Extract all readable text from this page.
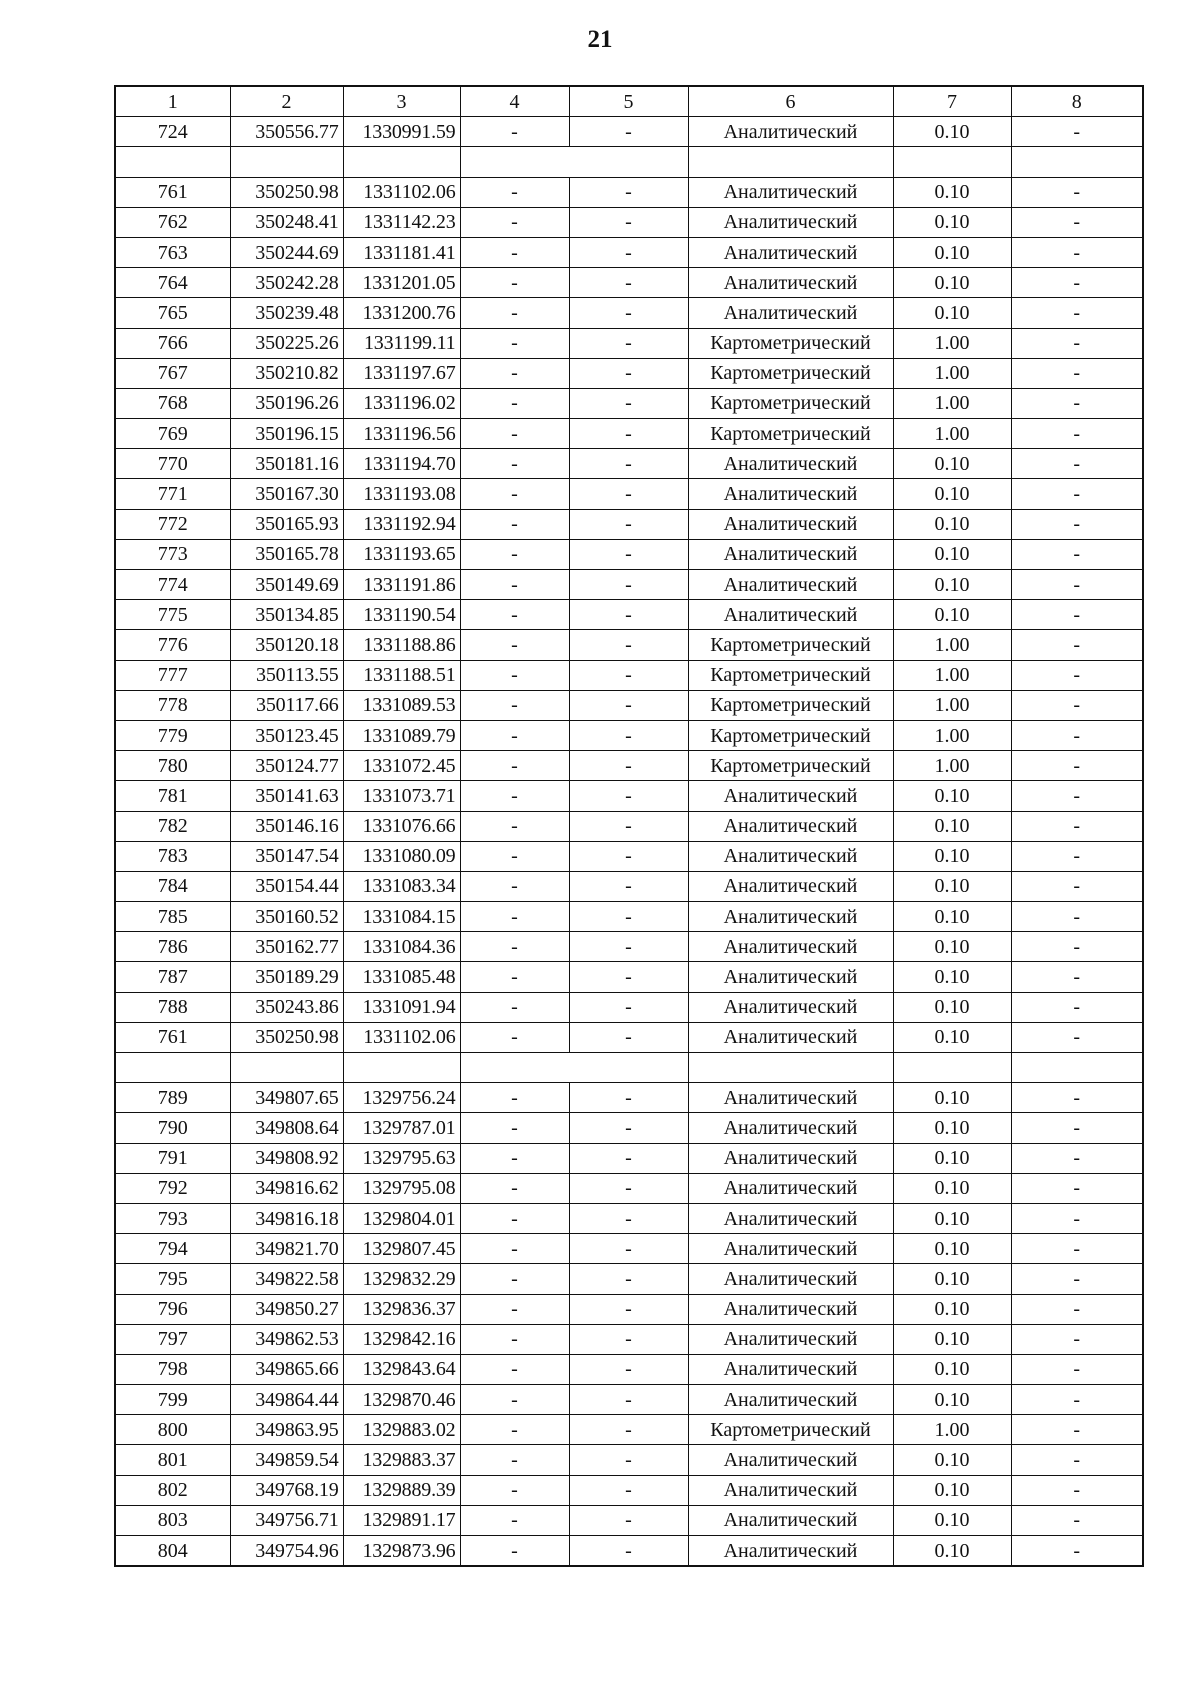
21
1	2	3	4	5	6	7	8
724	350556.77	1330991.59	-	-	Аналитический	0.10	-

761	350250.98	1331102.06	-	-	Аналитический	0.10	-
762	350248.41	1331142.23	-	-	Аналитический	0.10	-
763	350244.69	1331181.41	-	-	Аналитический	0.10	-
764	350242.28	1331201.05	-	-	Аналитический	0.10	-
765	350239.48	1331200.76	-	-	Аналитический	0.10	-
766	350225.26	1331199.11	-	-	Картометрический	1.00	-
767	350210.82	1331197.67	-	-	Картометрический	1.00	-
768	350196.26	1331196.02	-	-	Картометрический	1.00	-
769	350196.15	1331196.56	-	-	Картометрический	1.00	-
770	350181.16	1331194.70	-	-	Аналитический	0.10	-
771	350167.30	1331193.08	-	-	Аналитический	0.10	-
772	350165.93	1331192.94	-	-	Аналитический	0.10	-
773	350165.78	1331193.65	-	-	Аналитический	0.10	-
774	350149.69	1331191.86	-	-	Аналитический	0.10	-
775	350134.85	1331190.54	-	-	Аналитический	0.10	-
776	350120.18	1331188.86	-	-	Картометрический	1.00	-
777	350113.55	1331188.51	-	-	Картометрический	1.00	-
778	350117.66	1331089.53	-	-	Картометрический	1.00	-
779	350123.45	1331089.79	-	-	Картометрический	1.00	-
780	350124.77	1331072.45	-	-	Картометрический	1.00	-
781	350141.63	1331073.71	-	-	Аналитический	0.10	-
782	350146.16	1331076.66	-	-	Аналитический	0.10	-
783	350147.54	1331080.09	-	-	Аналитический	0.10	-
784	350154.44	1331083.34	-	-	Аналитический	0.10	-
785	350160.52	1331084.15	-	-	Аналитический	0.10	-
786	350162.77	1331084.36	-	-	Аналитический	0.10	-
787	350189.29	1331085.48	-	-	Аналитический	0.10	-
788	350243.86	1331091.94	-	-	Аналитический	0.10	-
761	350250.98	1331102.06	-	-	Аналитический	0.10	-

789	349807.65	1329756.24	-	-	Аналитический	0.10	-
790	349808.64	1329787.01	-	-	Аналитический	0.10	-
791	349808.92	1329795.63	-	-	Аналитический	0.10	-
792	349816.62	1329795.08	-	-	Аналитический	0.10	-
793	349816.18	1329804.01	-	-	Аналитический	0.10	-
794	349821.70	1329807.45	-	-	Аналитический	0.10	-
795	349822.58	1329832.29	-	-	Аналитический	0.10	-
796	349850.27	1329836.37	-	-	Аналитический	0.10	-
797	349862.53	1329842.16	-	-	Аналитический	0.10	-
798	349865.66	1329843.64	-	-	Аналитический	0.10	-
799	349864.44	1329870.46	-	-	Аналитический	0.10	-
800	349863.95	1329883.02	-	-	Картометрический	1.00	-
801	349859.54	1329883.37	-	-	Аналитический	0.10	-
802	349768.19	1329889.39	-	-	Аналитический	0.10	-
803	349756.71	1329891.17	-	-	Аналитический	0.10	-
804	349754.96	1329873.96	-	-	Аналитический	0.10	-
